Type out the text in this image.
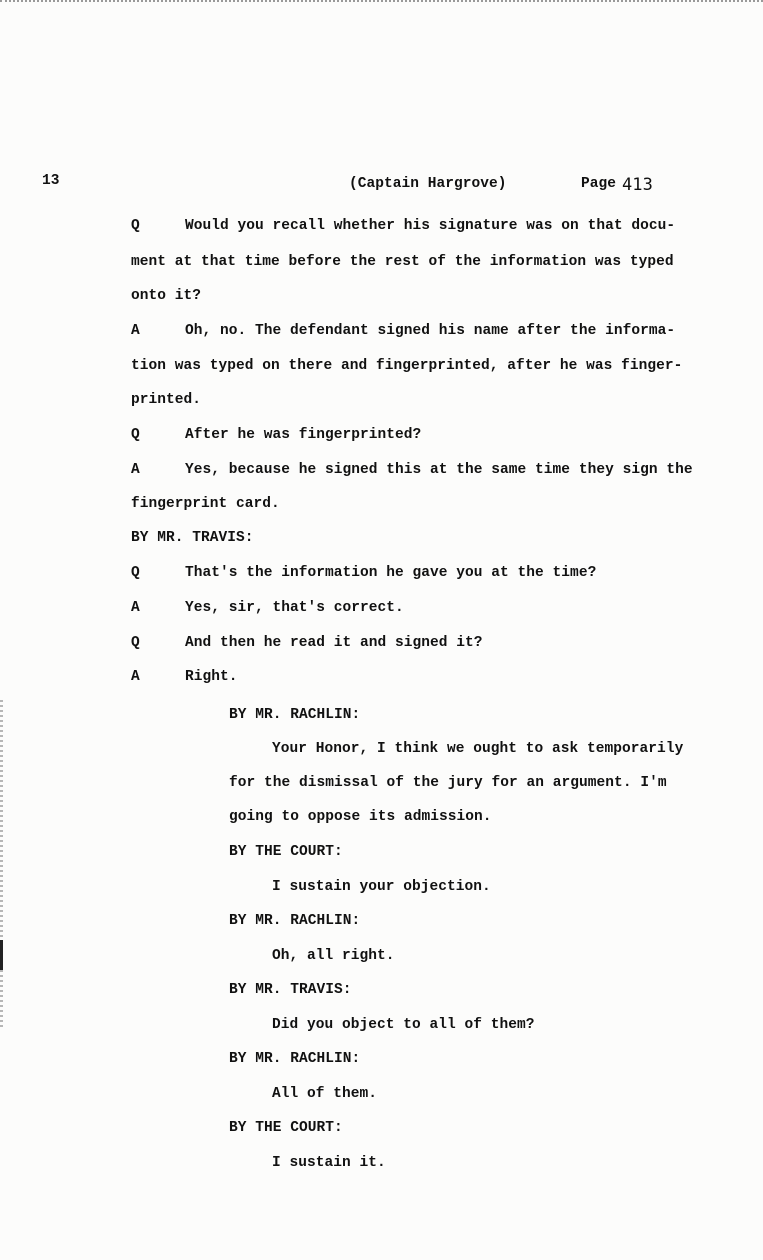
13	(Captain Hargrove)	Page 413
Q	Would you recall whether his signature was on that docu-
ment at that time before the rest of the information was typed
onto it?
A	Oh, no. The defendant signed his name after the informa-
tion was typed on there and fingerprinted, after he was finger-
printed.
Q	After he was fingerprinted?
A	Yes, because he signed this at the same time they sign the
fingerprint card.
BY MR. TRAVIS:
Q	That's the information he gave you at the time?
A	Yes, sir, that's correct.
Q	And then he read it and signed it?
A	Right.
BY MR. RACHLIN:
Your Honor, I think we ought to ask temporarily
for the dismissal of the jury for an argument. I'm
going to oppose its admission.
BY THE COURT:
I sustain your objection.
BY MR. RACHLIN:
Oh, all right.
BY MR. TRAVIS:
Did you object to all of them?
BY MR. RACHLIN:
All of them.
BY THE COURT:
I sustain it.
